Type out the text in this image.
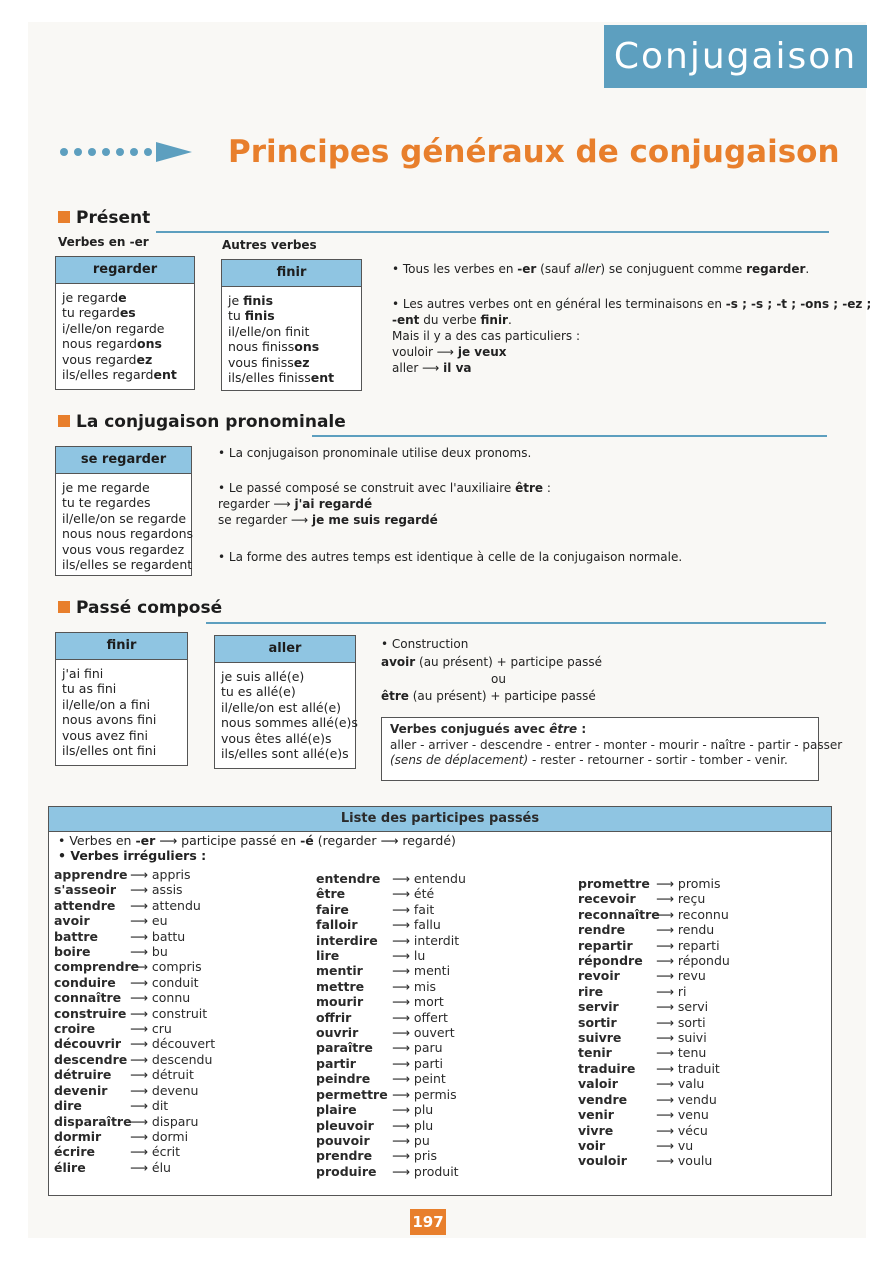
Conjugaison
Principes généraux de conjugaison
Présent
Verbes en -er	Autres verbes
regarder
je regarde
tu regardes
i/elle/on regarde
nous regardons
vous regardez
ils/elles regardent
finir
je finis
tu finis
il/elle/on finit
nous finissons
vous finissez
ils/elles finissent
• Tous les verbes en -er (sauf aller) se conjuguent comme regarder.
• Les autres verbes ont en général les terminaisons en -s ; -s ; -t ; -ons ; -ez ;
-ent du verbe finir.
Mais il y a des cas particuliers :
vouloir ⟶ je veux
aller ⟶ il va
La conjugaison pronominale
se regarder
je me regarde
tu te regardes
il/elle/on se regarde
nous nous regardons
vous vous regardez
ils/elles se regardent
• La conjugaison pronominale utilise deux pronoms.
• Le passé composé se construit avec l'auxiliaire être :
regarder ⟶ j'ai regardé
se regarder ⟶ je me suis regardé
• La forme des autres temps est identique à celle de la conjugaison normale.
Passé composé
finir
j'ai fini
tu as fini
il/elle/on a fini
nous avons fini
vous avez fini
ils/elles ont fini
aller
je suis allé(e)
tu es allé(e)
il/elle/on est allé(e)
nous sommes allé(e)s
vous êtes allé(e)s
ils/elles sont allé(e)s
• Construction
avoir (au présent) + participe passé
ou
être (au présent) + participe passé
Verbes conjugués avec être :
aller - arriver - descendre - entrer - monter - mourir - naître - partir - passer
(sens de déplacement) - rester - retourner - sortir - tomber - venir.
Liste des participes passés
• Verbes en -er ⟶ participe passé en -é (regarder ⟶ regardé)
• Verbes irréguliers :
apprendre ⟶ appris
s'asseoir ⟶ assis
attendre ⟶ attendu
avoir	⟶ eu
battre	⟶ battu
boire	⟶ bu
comprendre⟶ compris
conduire ⟶ conduit
connaître ⟶ connu
construire ⟶ construit
croire	⟶ cru
découvrir ⟶ découvert
descendre ⟶ descendu
détruire ⟶ détruit
devenir ⟶ devenu
dire	⟶ dit
disparaître⟶ disparu
dormir ⟶ dormi
écrire	⟶ écrit
élire	⟶ élu
entendre ⟶ entendu
être	⟶ été
faire	⟶ fait
falloir	⟶ fallu
interdire ⟶ interdit
lire	⟶ lu
mentir ⟶ menti
mettre ⟶ mis
mourir ⟶ mort
offrir	⟶ offert
ouvrir	⟶ ouvert
paraître ⟶ paru
partir	⟶ parti
peindre ⟶ peint
permettre ⟶ permis
plaire	⟶ plu
pleuvoir ⟶ plu
pouvoir ⟶ pu
prendre ⟶ pris
produire ⟶ produit
promettre ⟶ promis
recevoir ⟶ reçu
reconnaître⟶ reconnu
rendre ⟶ rendu
repartir ⟶ reparti
répondre ⟶ répondu
revoir	⟶ revu
rire	⟶ ri
servir	⟶ servi
sortir	⟶ sorti
suivre	⟶ suivi
tenir	⟶ tenu
traduire ⟶ traduit
valoir	⟶ valu
vendre ⟶ vendu
venir	⟶ venu
vivre	⟶ vécu
voir	⟶ vu
vouloir ⟶ voulu
197
